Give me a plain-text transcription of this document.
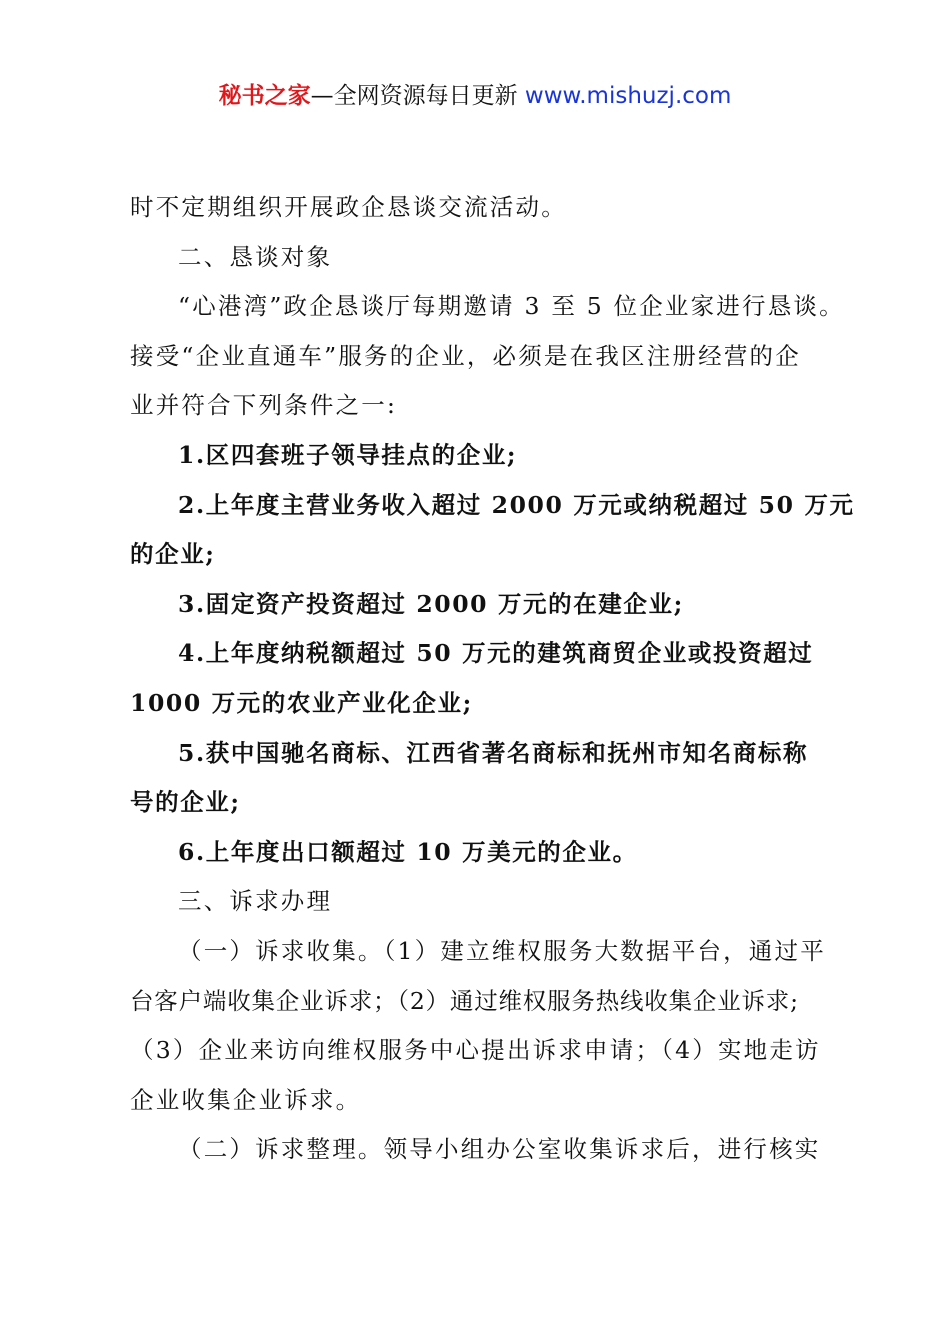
秘书之家—全网资源每日更新 www.mishuzj.com
时不定期组织开展政企恳谈交流活动。
二、恳谈对象
“心港湾”政企恳谈厅每期邀请 3 至 5 位企业家进行恳谈。
接受“企业直通车”服务的企业，必须是在我区注册经营的企
业并符合下列条件之一:
1.区四套班子领导挂点的企业;
2.上年度主营业务收入超过 2000 万元或纳税超过 50 万元
的企业;
3.固定资产投资超过 2000 万元的在建企业;
4.上年度纳税额超过 50 万元的建筑商贸企业或投资超过
1000 万元的农业产业化企业;
5.获中国驰名商标、江西省著名商标和抚州市知名商标称
号的企业;
6.上年度出口额超过 10 万美元的企业。
三、诉求办理
（一）诉求收集。（1）建立维权服务大数据平台，通过平
台客户端收集企业诉求；（2）通过维权服务热线收集企业诉求;
（3）企业来访向维权服务中心提出诉求申请；（4）实地走访
企业收集企业诉求。
（二）诉求整理。领导小组办公室收集诉求后，进行核实
